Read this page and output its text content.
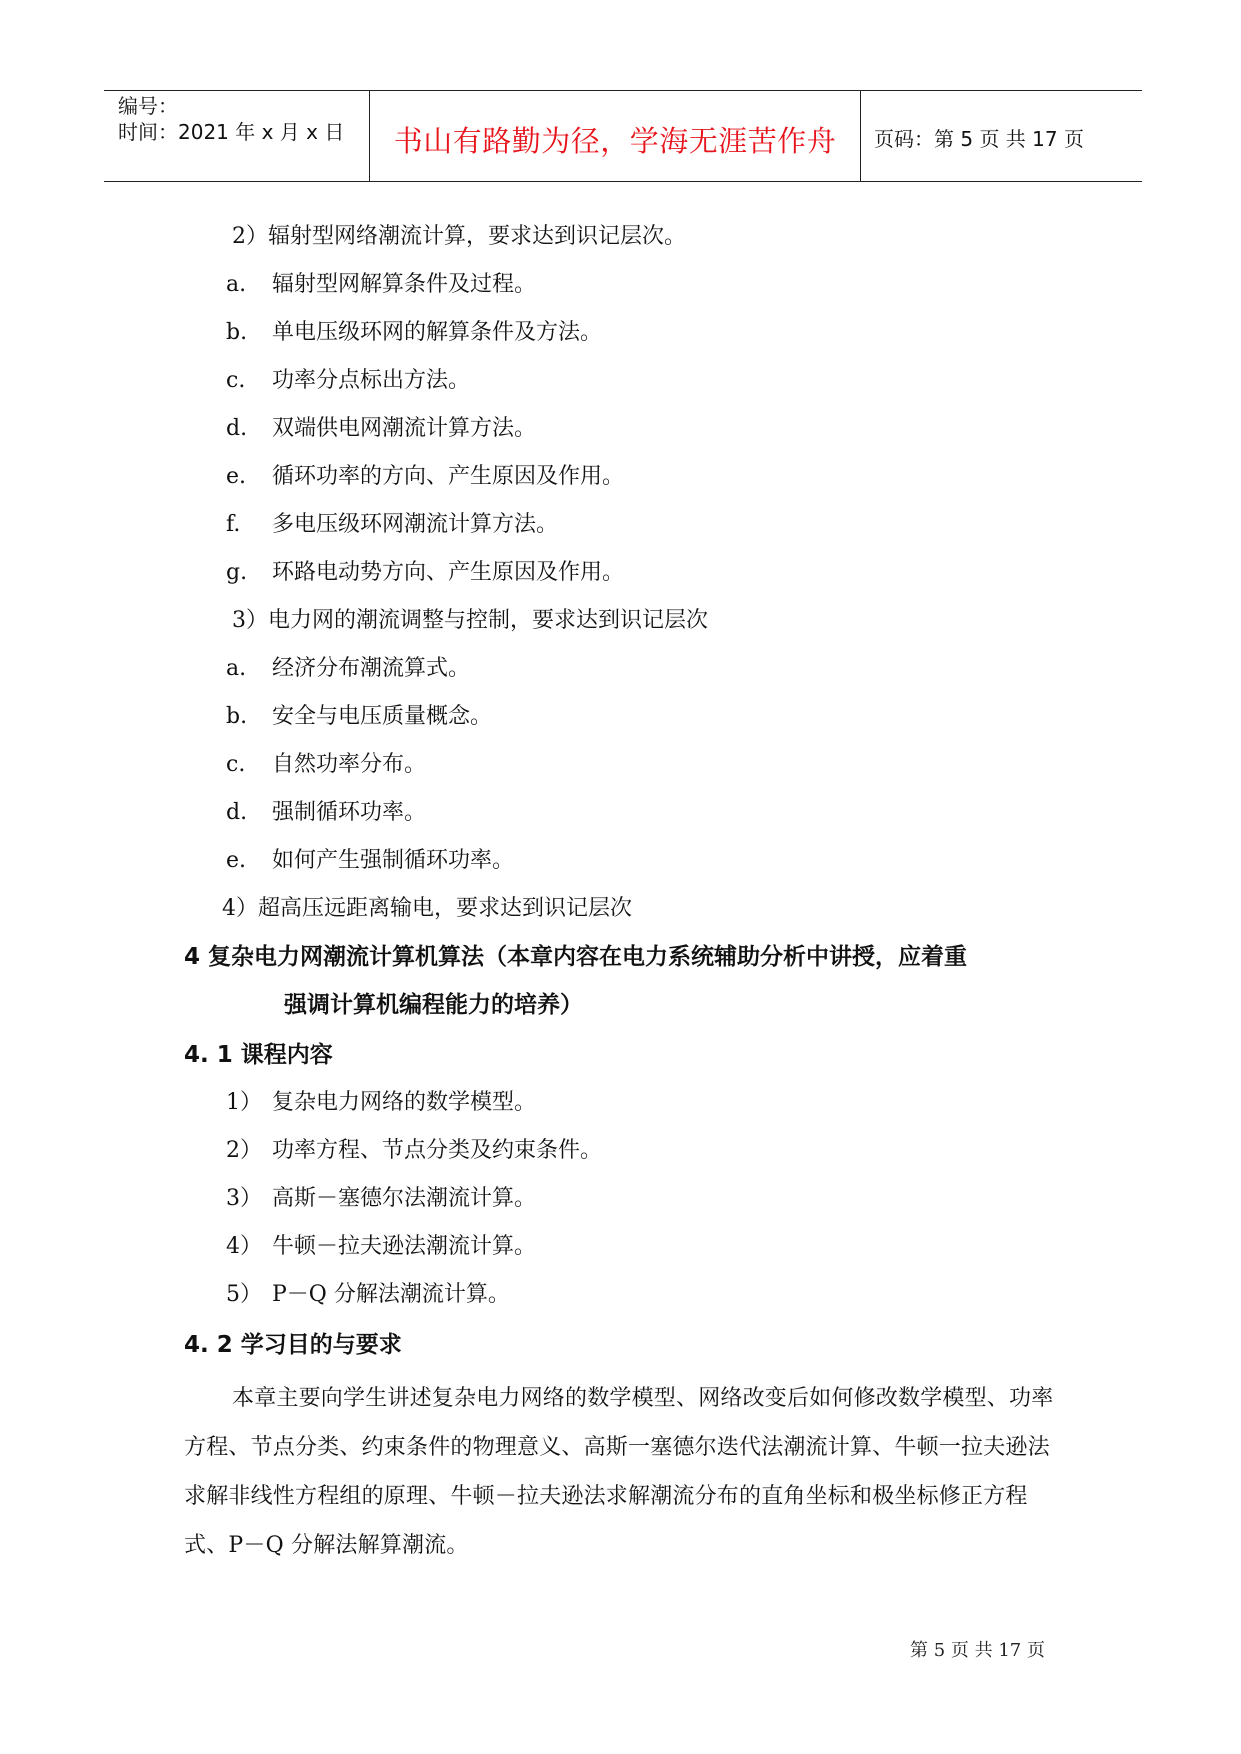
编号：
时间：2021 年 x 月 x 日	书山有路勤为径，学海无涯苦作舟	页码：第 5 页 共 17 页
2）辐射型网络潮流计算，要求达到识记层次。
a. 辐射型网解算条件及过程。
b. 单电压级环网的解算条件及方法。
c. 功率分点标出方法。
d. 双端供电网潮流计算方法。
e. 循环功率的方向、产生原因及作用。
f. 多电压级环网潮流计算方法。
g. 环路电动势方向、产生原因及作用。
3）电力网的潮流调整与控制，要求达到识记层次
a. 经济分布潮流算式。
b. 安全与电压质量概念。
c. 自然功率分布。
d. 强制循环功率。
e. 如何产生强制循环功率。
4）超高压远距离输电，要求达到识记层次
4 复杂电力网潮流计算机算法（本章内容在电力系统辅助分析中讲授，应着重
强调计算机编程能力的培养）
4. 1 课程内容
1） 复杂电力网络的数学模型。
2） 功率方程、节点分类及约束条件。
3） 高斯－塞德尔法潮流计算。
4） 牛顿－拉夫逊法潮流计算。
5） P－Q 分解法潮流计算。
4. 2 学习目的与要求
本章主要向学生讲述复杂电力网络的数学模型、网络改变后如何修改数学模型、功率方程、节点分类、约束条件的物理意义、高斯一塞德尔迭代法潮流计算、牛顿一拉夫逊法求解非线性方程组的原理、牛顿－拉夫逊法求解潮流分布的直角坐标和极坐标修正方程式、P－Q 分解法解算潮流。
第 5 页 共 17 页
